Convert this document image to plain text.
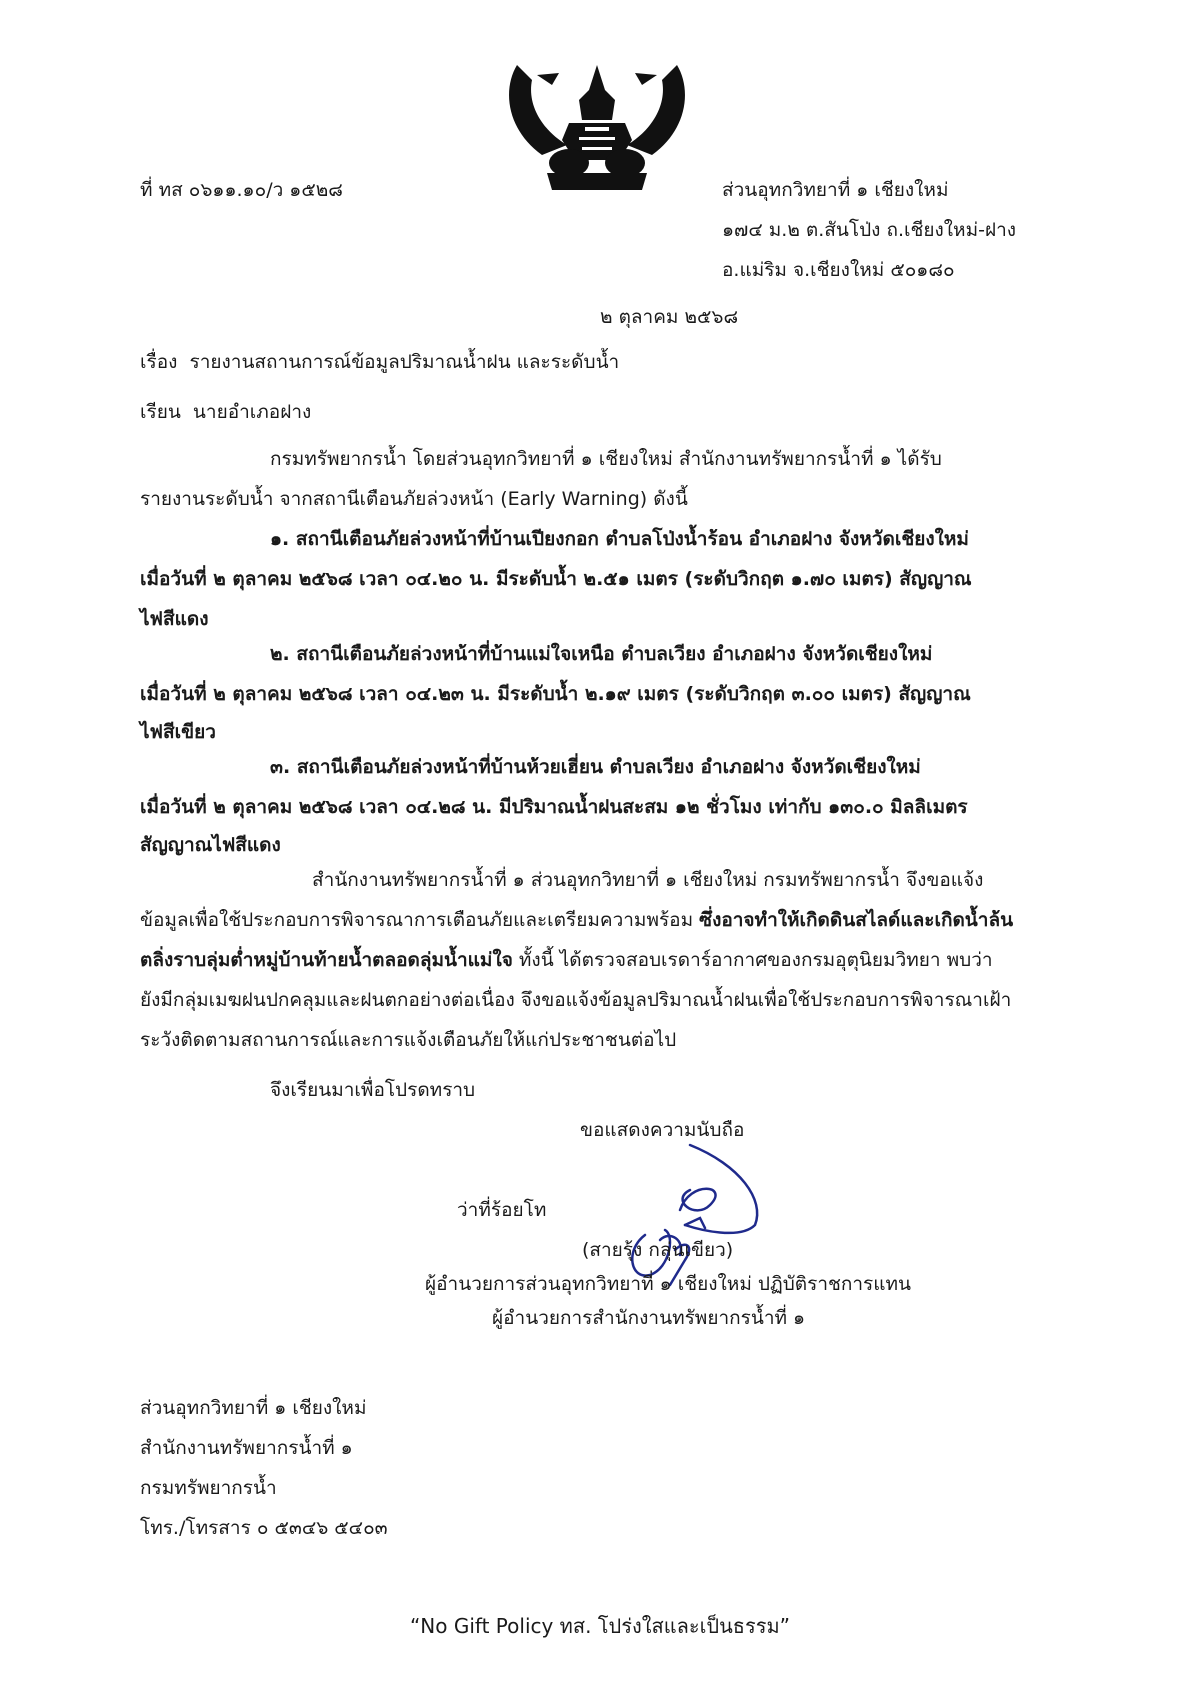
ที่ ทส ๐๖๑๑.๑๐/ว ๑๕๒๘	ส่วนอุทกวิทยาที่ ๑ เชียงใหม่
๑๗๔ ม.๒ ต.สันโป่ง ถ.เชียงใหม่-ฝาง
อ.แม่ริม จ.เชียงใหม่ ๕๐๑๘๐
๒ ตุลาคม ๒๕๖๘
เรื่อง รายงานสถานการณ์ข้อมูลปริมาณน้ำฝน และระดับน้ำ
เรียน นายอำเภอฝาง
กรมทรัพยากรน้ำ โดยส่วนอุทกวิทยาที่ ๑ เชียงใหม่ สำนักงานทรัพยากรน้ำที่ ๑ ได้รับ
รายงานระดับน้ำ จากสถานีเตือนภัยล่วงหน้า (Early Warning) ดังนี้
๑. สถานีเตือนภัยล่วงหน้าที่บ้านเปียงกอก ตำบลโป่งน้ำร้อน อำเภอฝาง จังหวัดเชียงใหม่
เมื่อวันที่ ๒ ตุลาคม ๒๕๖๘ เวลา ๐๔.๒๐ น. มีระดับน้ำ ๒.๕๑ เมตร (ระดับวิกฤต ๑.๗๐ เมตร) สัญญาณ
ไฟสีแดง
๒. สถานีเตือนภัยล่วงหน้าที่บ้านแม่ใจเหนือ ตำบลเวียง อำเภอฝาง จังหวัดเชียงใหม่
เมื่อวันที่ ๒ ตุลาคม ๒๕๖๘ เวลา ๐๔.๒๓ น. มีระดับน้ำ ๒.๑๙ เมตร (ระดับวิกฤต ๓.๐๐ เมตร) สัญญาณ
ไฟสีเขียว
๓. สถานีเตือนภัยล่วงหน้าที่บ้านห้วยเฮี่ยน ตำบลเวียง อำเภอฝาง จังหวัดเชียงใหม่
เมื่อวันที่ ๒ ตุลาคม ๒๕๖๘ เวลา ๐๔.๒๘ น. มีปริมาณน้ำฝนสะสม ๑๒ ชั่วโมง เท่ากับ ๑๓๐.๐ มิลลิเมตร
สัญญาณไฟสีแดง
สำนักงานทรัพยากรน้ำที่ ๑ ส่วนอุทกวิทยาที่ ๑ เชียงใหม่ กรมทรัพยากรน้ำ จึงขอแจ้ง
ข้อมูลเพื่อใช้ประกอบการพิจารณาการเตือนภัยและเตรียมความพร้อม ซึ่งอาจทำให้เกิดดินสไลด์และเกิดน้ำล้น
ตลิ่งราบลุ่มต่ำหมู่บ้านท้ายน้ำตลอดลุ่มน้ำแม่ใจ ทั้งนี้ ได้ตรวจสอบเรดาร์อากาศของกรมอุตุนิยมวิทยา พบว่า
ยังมีกลุ่มเมฆฝนปกคลุมและฝนตกอย่างต่อเนื่อง จึงขอแจ้งข้อมูลปริมาณน้ำฝนเพื่อใช้ประกอบการพิจารณาเฝ้า
ระวังติดตามสถานการณ์และการแจ้งเตือนภัยให้แก่ประชาชนต่อไป
จึงเรียนมาเพื่อโปรดทราบ
ขอแสดงความนับถือ
ว่าที่ร้อยโท
(สายรุ้ง กลุ่นเขียว)
ผู้อำนวยการส่วนอุทกวิทยาที่ ๑ เชียงใหม่ ปฏิบัติราชการแทน
ผู้อำนวยการสำนักงานทรัพยากรน้ำที่ ๑
ส่วนอุทกวิทยาที่ ๑ เชียงใหม่
สำนักงานทรัพยากรน้ำที่ ๑
กรมทรัพยากรน้ำ
โทร./โทรสาร ๐ ๕๓๔๖ ๕๔๐๓
“No Gift Policy ทส. โปร่งใสและเป็นธรรม”
